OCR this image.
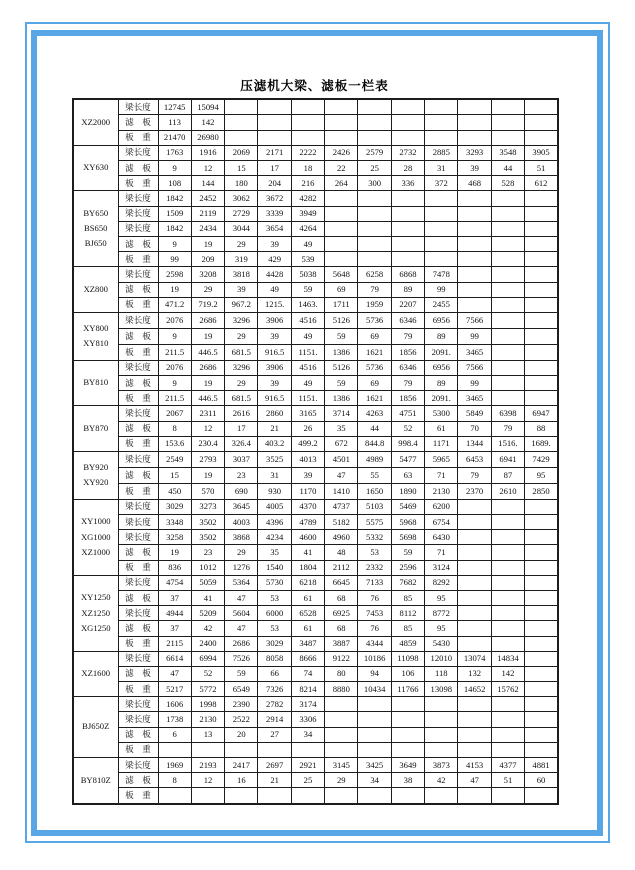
压滤机大梁、滤板一栏表
XZ2000	梁长度	12745	15094										
	滤　板	113	142										
	板　重	21470	26980										

XY630	梁长度	1763	1916	2069	2171	2222	2426	2579	2732	2885	3293	3548	3905
	滤　板	9	12	15	17	18	22	25	28	31	39	44	51
	板　重	108	144	180	204	216	264	300	336	372	468	528	612

BY650
BS650
BJ650	梁长度	1842	2452	3062	3672	4282							
	梁长度	1509	2119	2729	3339	3949							
	梁长度	1842	2434	3044	3654	4264							
	滤　板	9	19	29	39	49							
	板　重	99	209	319	429	539							

XZ800	梁长度	2598	3208	3818	4428	5038	5648	6258	6868	7478			
	滤　板	19	29	39	49	59	69	79	89	99			
	板　重	471.2	719.2	967.2	1215.	1463.	1711	1959	2207	2455			

XY800
XY810	梁长度	2076	2686	3296	3906	4516	5126	5736	6346	6956	7566		
	滤　板	9	19	29	39	49	59	69	79	89	99		
	板　重	211.5	446.5	681.5	916.5	1151.	1386	1621	1856	2091.	3465		

BY810	梁长度	2076	2686	3296	3906	4516	5126	5736	6346	6956	7566		
	滤　板	9	19	29	39	49	59	69	79	89	99		
	板　重	211.5	446.5	681.5	916.5	1151.	1386	1621	1856	2091.	3465		

BY870	梁长度	2067	2311	2616	2860	3165	3714	4263	4751	5300	5849	6398	6947
	滤　板	8	12	17	21	26	35	44	52	61	70	79	88
	板　重	153.6	230.4	326.4	403.2	499.2	672	844.8	998.4	1171	1344	1516.	1689.

BY920
XY920	梁长度	2549	2793	3037	3525	4013	4501	4989	5477	5965	6453	6941	7429
	滤　板	15	19	23	31	39	47	55	63	71	79	87	95
	板　重	450	570	690	930	1170	1410	1650	1890	2130	2370	2610	2850

XY1000
XG1000
XZ1000	梁长度	3029	3273	3645	4005	4370	4737	5103	5469	6200			
	梁长度	3348	3502	4003	4396	4789	5182	5575	5968	6754			
	梁长度	3258	3502	3868	4234	4600	4960	5332	5698	6430			
	滤　板	19	23	29	35	41	48	53	59	71			
	板　重	836	1012	1276	1540	1804	2112	2332	2596	3124			

XY1250
XZ1250
XG1250	梁长度	4754	5059	5364	5730	6218	6645	7133	7682	8292			
	滤　板	37	41	47	53	61	68	76	85	95			
	梁长度	4944	5209	5604	6000	6528	6925	7453	8112	8772			
	滤　板	37	42	47	53	61	68	76	85	95			
	板　重	2115	2400	2686	3029	3487	3887	4344	4859	5430			

XZ1600	梁长度	6614	6994	7526	8058	8666	9122	10186	11098	12010	13074	14834	
	滤　板	47	52	59	66	74	80	94	106	118	132	142	
	板　重	5217	5772	6549	7326	8214	8880	10434	11766	13098	14652	15762	

BJ650Z	梁长度	1606	1998	2390	2782	3174							
	梁长度	1738	2130	2522	2914	3306							
	滤　板	6	13	20	27	34							
	板　重												

BY810Z	梁长度	1969	2193	2417	2697	2921	3145	3425	3649	3873	4153	4377	4881
	滤　板	8	12	16	21	25	29	34	38	42	47	51	60
	板　重												
